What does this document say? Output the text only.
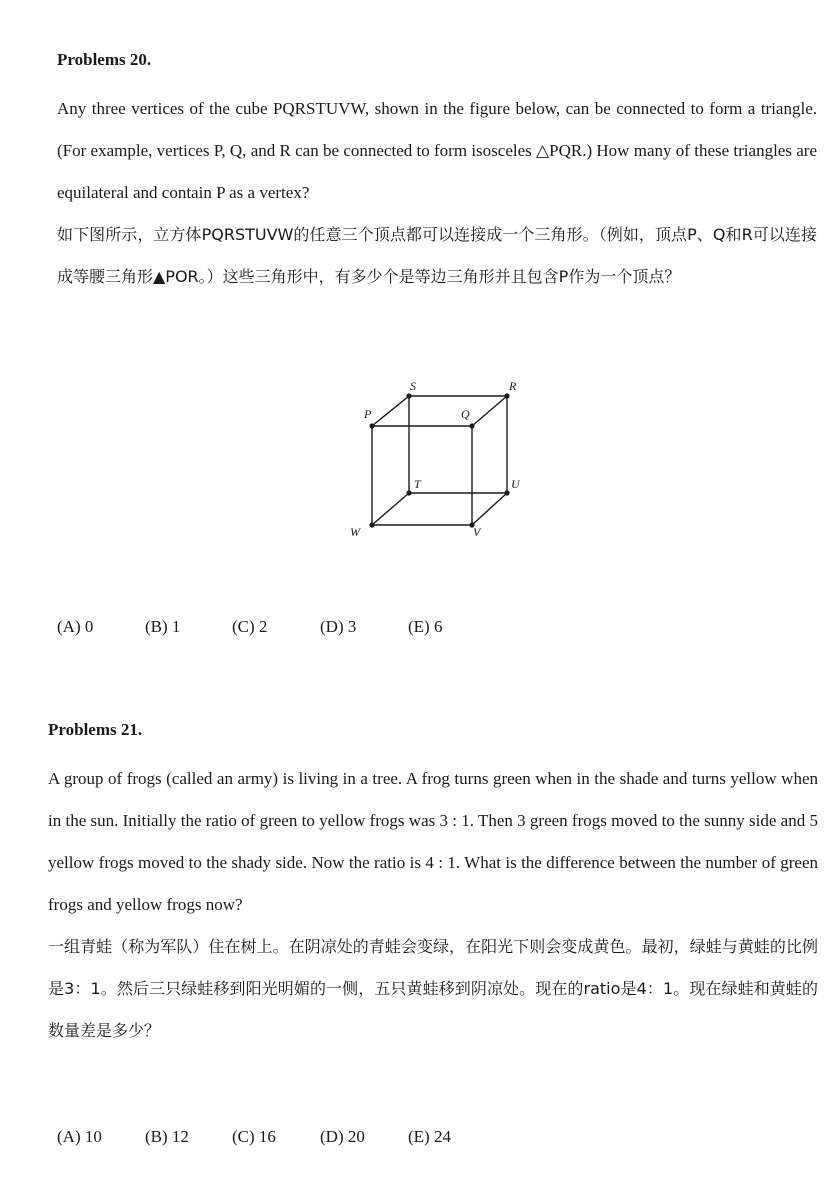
Problems 20.

Any three vertices of the cube PQRSTUVW, shown in the figure below, can be connected to form a triangle. (For example, vertices P, Q, and R can be connected to form isosceles △PQR.) How many of these triangles are equilateral and contain P as a vertex?

如下图所示，立方体PQRSTUVW的任意三个顶点都可以连接成一个三角形。（例如，顶点P、Q和R可以连接成等腰三角形▲POR。）这些三角形中，有多少个是等边三角形并且包含P作为一个顶点？

S	R
P	Q
T	U
W	V
(A) 0	(B) 1	(C) 2	(D) 3	(E) 6

Problems 21.

A group of frogs (called an army) is living in a tree. A frog turns green when in the shade and turns yellow when in the sun. Initially the ratio of green to yellow frogs was 3 : 1. Then 3 green frogs moved to the sunny side and 5 yellow frogs moved to the shady side. Now the ratio is 4 : 1. What is the difference between the number of green frogs and yellow frogs now?

一组青蛙（称为军队）住在树上。在阴凉处的青蛙会变绿，在阳光下则会变成黄色。最初，绿蛙与黄蛙的比例是3：1。然后三只绿蛙移到阳光明媚的一侧，五只黄蛙移到阴凉处。现在的ratio是4：1。现在绿蛙和黄蛙的数量差是多少？

(A) 10	(B) 12	(C) 16	(D) 20	(E) 24
